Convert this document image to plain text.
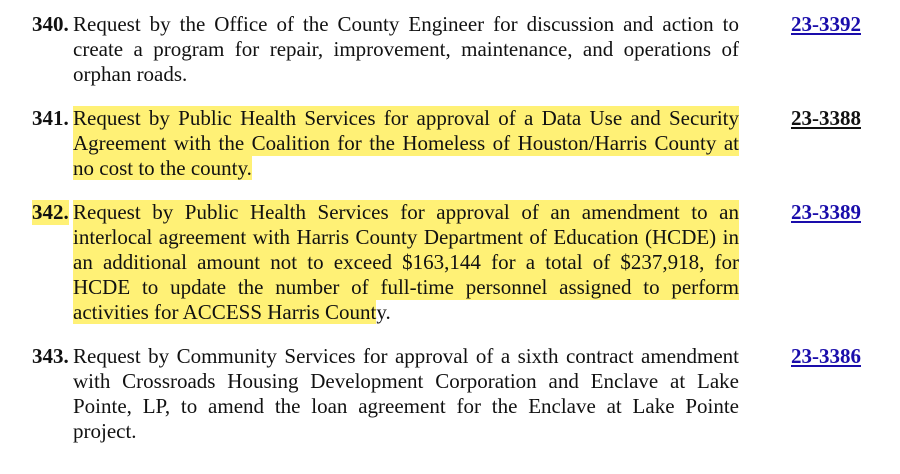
340. Request by the Office of the County Engineer for discussion and action to
create a program for repair, improvement, maintenance, and operations of
orphan roads.
23-3392
341. Request by Public Health Services for approval of a Data Use and Security
Agreement with the Coalition for the Homeless of Houston/Harris County at
no cost to the county.
23-3388
342. Request by Public Health Services for approval of an amendment to an
interlocal agreement with Harris County Department of Education (HCDE) in
an additional amount not to exceed $163,144 for a total of $237,918, for
HCDE to update the number of full-time personnel assigned to perform
activities for ACCESS Harris County.
23-3389
343. Request by Community Services for approval of a sixth contract amendment
with Crossroads Housing Development Corporation and Enclave at Lake
Pointe, LP, to amend the loan agreement for the Enclave at Lake Pointe
project.
23-3386
